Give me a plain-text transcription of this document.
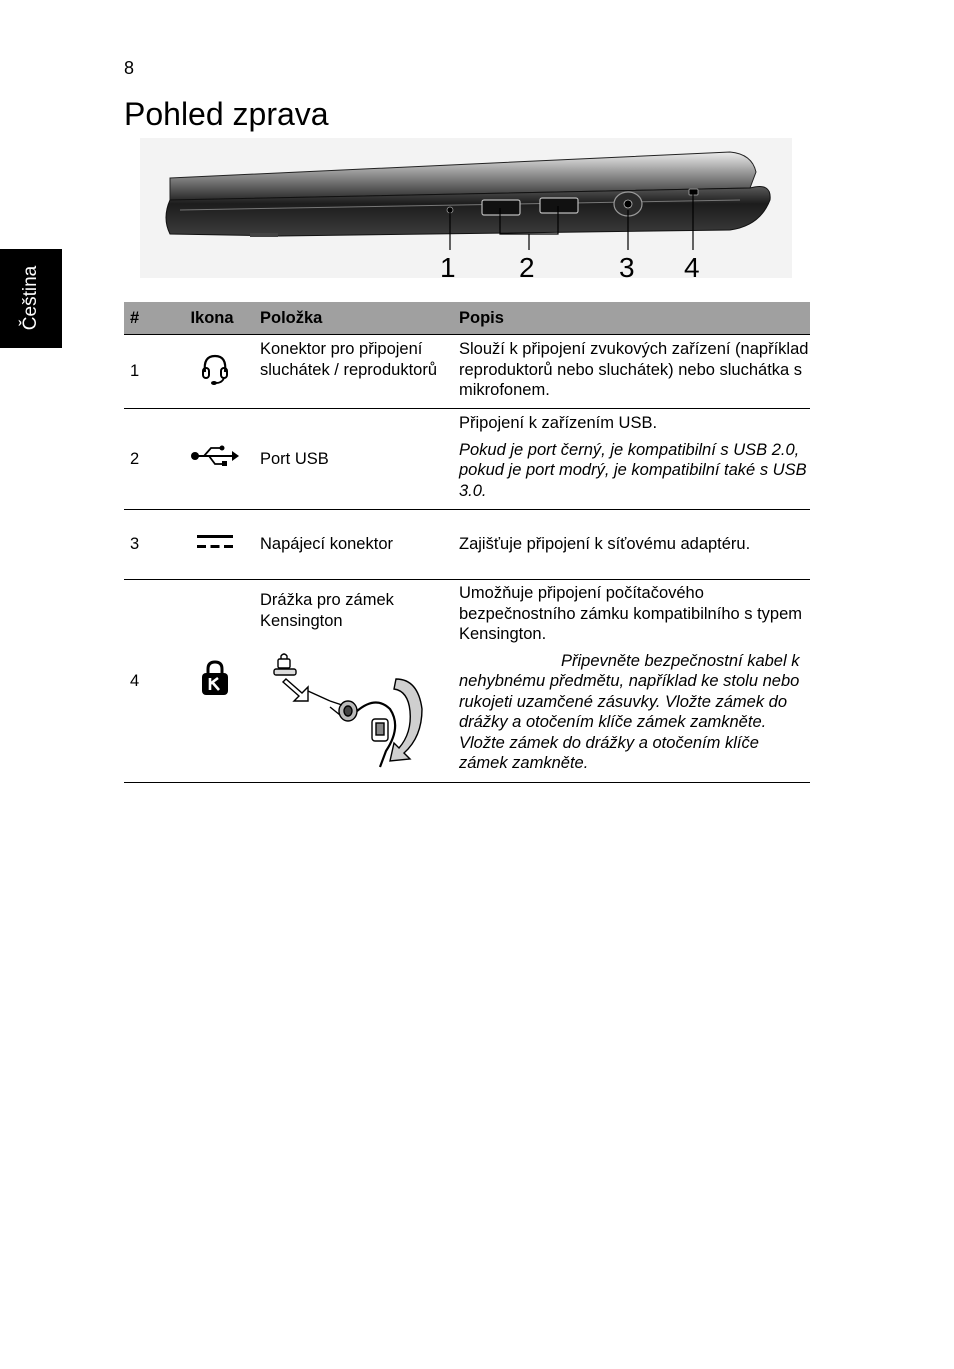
8
Pohled zprava
Čeština	1 2	3 4
#	Ikona	Položka	Popis
1		Konektor pro připojení sluchátek / reproduktorů	Slouží k připojení zvukových zařízení (například reproduktorů nebo sluchátek) nebo sluchátka s mikrofonem.
2		Port USB	Připojení k zařízením USB.
Pokud je port černý, je kompatibilní s USB 2.0, pokud je port modrý, je kompatibilní také s USB 3.0.

3		Napájecí konektor	Zajišťuje připojení k síťovému adaptéru.
4		Drážka pro zámek Kensington	Umožňuje připojení počítačového bezpečnostního zámku kompatibilního s typem Kensington.
Připevněte bezpečnostní kabel k nehybnému předmětu, například ke stolu nebo rukojeti uzamčené zásuvky. Vložte zámek do drážky a otočením klíče zámek zamkněte. Vložte zámek do drážky a otočením klíče zámek zamkněte.
